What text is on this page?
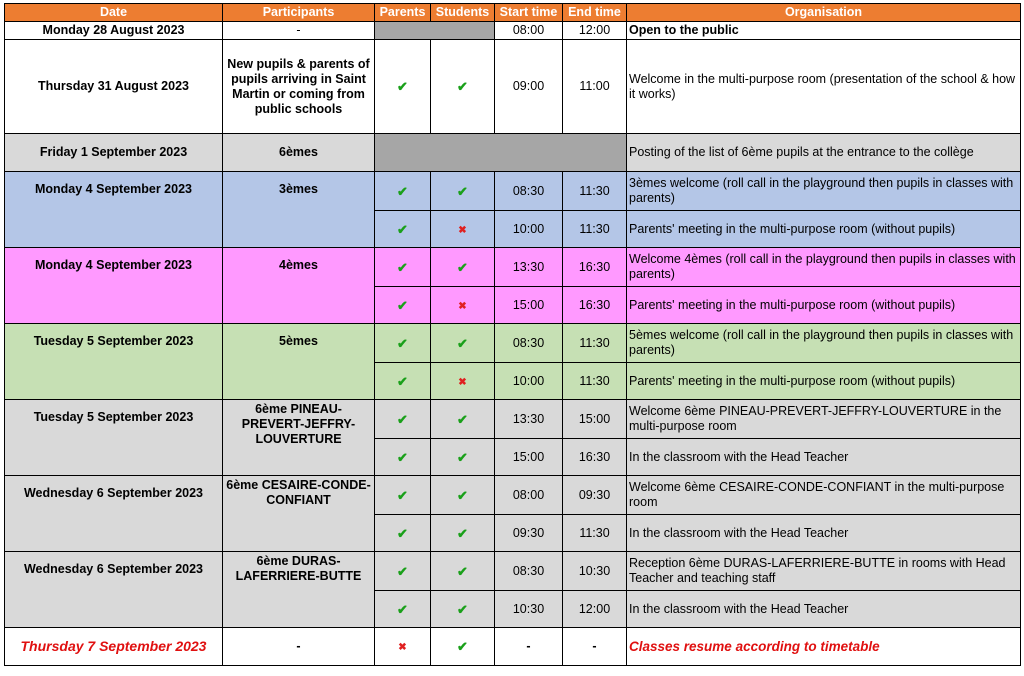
Date	Participants	Parents	Students	Start time	End time	Organisation
Monday 28 August 2023	-			08:00	12:00	Open to the public
Thursday 31 August 2023	New pupils & parents of pupils arriving in Saint Martin or coming from public schools	✔	✔	09:00	11:00	Welcome in the multi-purpose room (presentation of the school & how it works)
Friday 1 September 2023	6èmes					Posting of the list of 6ème pupils at the entrance to the collège
Monday 4 September 2023	3èmes	✔	✔	08:30	11:30	3èmes welcome (roll call in the playground then pupils in classes with parents)
		✔	✖	10:00	11:30	Parents' meeting in the multi-purpose room (without pupils)
Monday 4 September 2023	4èmes	✔	✔	13:30	16:30	Welcome 4èmes (roll call in the playground then pupils in classes with parents)
		✔	✖	15:00	16:30	Parents' meeting in the multi-purpose room (without pupils)
Tuesday 5 September 2023	5èmes	✔	✔	08:30	11:30	5èmes welcome (roll call in the playground then pupils in classes with parents)
		✔	✖	10:00	11:30	Parents' meeting in the multi-purpose room (without pupils)
Tuesday 5 September 2023	6ème PINEAU-PREVERT-JEFFRY-LOUVERTURE	✔	✔	13:30	15:00	Welcome 6ème PINEAU-PREVERT-JEFFRY-LOUVERTURE in the multi-purpose room
		✔	✔	15:00	16:30	In the classroom with the Head Teacher
Wednesday 6 September 2023	6ème CESAIRE-CONDE-CONFIANT	✔	✔	08:00	09:30	Welcome 6ème CESAIRE-CONDE-CONFIANT in the multi-purpose room
		✔	✔	09:30	11:30	In the classroom with the Head Teacher
Wednesday 6 September 2023	6ème DURAS-LAFERRIERE-BUTTE	✔	✔	08:30	10:30	Reception 6ème DURAS-LAFERRIERE-BUTTE in rooms with Head Teacher and teaching staff
		✔	✔	10:30	12:00	In the classroom with the Head Teacher
Thursday 7 September 2023	-	✖	✔	-	-	Classes resume according to timetable
